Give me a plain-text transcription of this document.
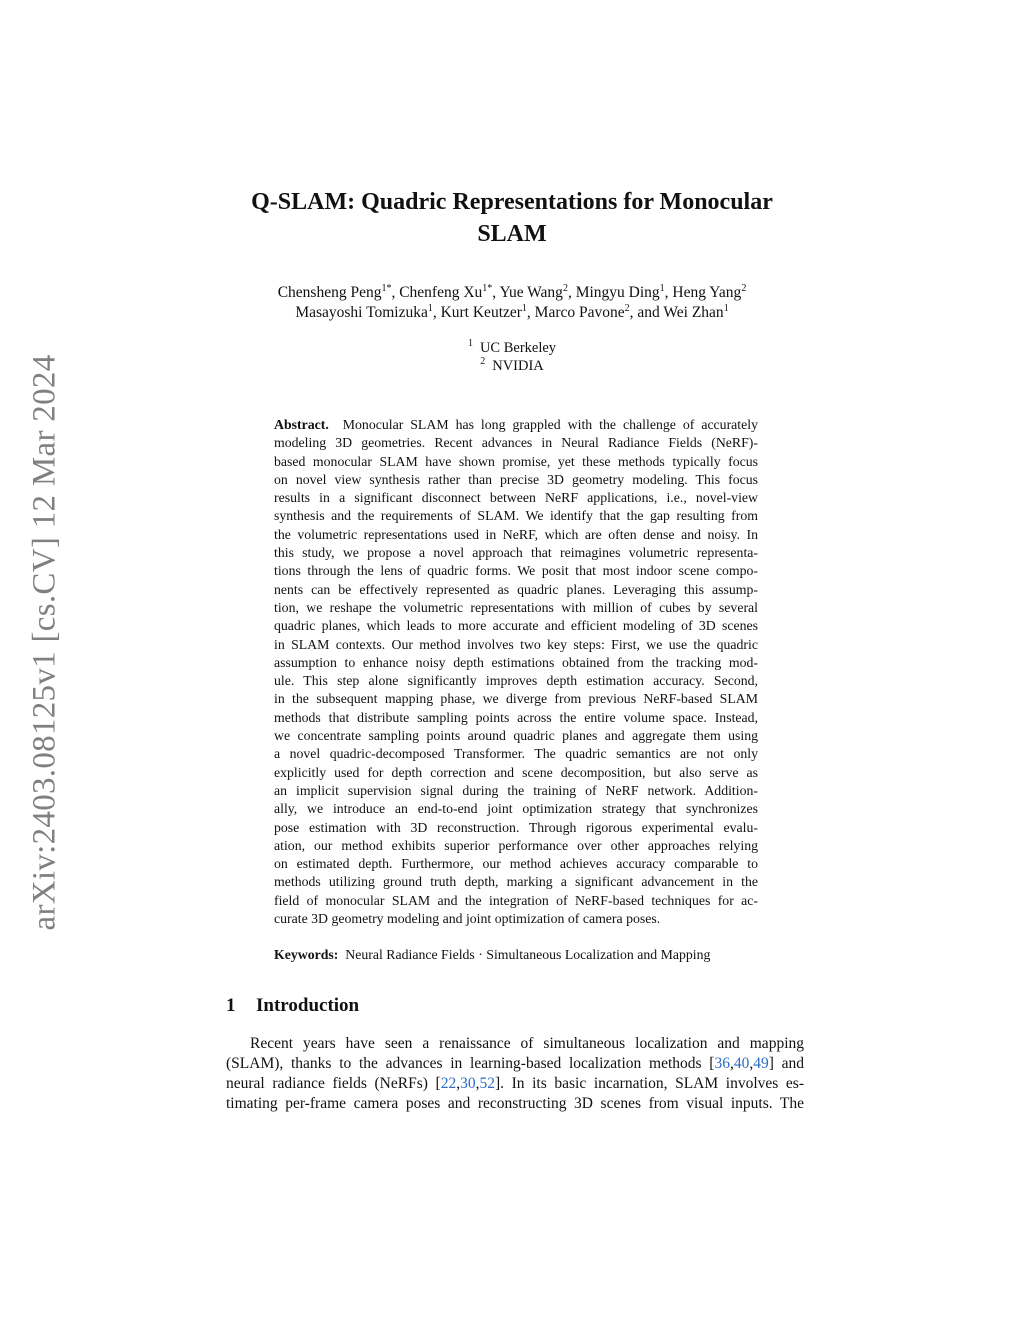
arXiv:2403.08125v1 [cs.CV] 12 Mar 2024
Q-SLAM: Quadric Representations for Monocular
SLAM
Chensheng Peng$^{1*}$, Chenfeng $Xu^{1*}$, Yue Wang$^2$, Mingyu Ding$^1$, Heng Yang$^2$
Masayoshi Tomizuka$^1$, Kurt Keutzer$^1$, Marco Pavone$^2$, and Wei Zhan$^1$
$^1$ UC Berkeley
$^2$ NVIDIA
Abstract. Monocular SLAM has long grappled with the challenge of accurately
modeling 3D geometries. Recent advances in Neural Radiance Fields (NeRF)-
based monocular SLAM have shown promise, yet these methods typically focus
on novel view synthesis rather than precise 3D geometry modeling. This focus
results in a significant disconnect between NeRF applications, i.e., novel-view
synthesis and the requirements of SLAM. We identify that the gap resulting from
the volumetric representations used in NeRF, which are often dense and noisy. In
this study, we propose a novel approach that reimagines volumetric representa-
tions through the lens of quadric forms. We posit that most indoor scene compo-
nents can be effectively represented as quadric planes. Leveraging this assump-
tion, we reshape the volumetric representations with million of cubes by several
quadric planes, which leads to more accurate and efficient modeling of 3D scenes
in SLAM contexts. Our method involves two key steps: First, we use the quadric
assumption to enhance noisy depth estimations obtained from the tracking mod-
ule. This step alone significantly improves depth estimation accuracy. Second,
in the subsequent mapping phase, we diverge from previous NeRF-based SLAM
methods that distribute sampling points across the entire volume space. Instead,
we concentrate sampling points around quadric planes and aggregate them using
a novel quadric-decomposed Transformer. The quadric semantics are not only
explicitly used for depth correction and scene decomposition, but also serve as
an implicit supervision signal during the training of NeRF network. Addition-
ally, we introduce an end-to-end joint optimization strategy that synchronizes
pose estimation with 3D reconstruction. Through rigorous experimental evalu-
ation, our method exhibits superior performance over other approaches relying
on estimated depth. Furthermore, our method achieves accuracy comparable to
methods utilizing ground truth depth, marking a significant advancement in the
field of monocular SLAM and the integration of NeRF-based techniques for ac-
curate 3D geometry modeling and joint optimization of camera poses.
Keywords: Neural Radiance Fields · Simultaneous Localization and Mapping
1 Introduction
Recent years have seen a renaissance of simultaneous localization and mapping
(SLAM), thanks to the advances in learning-based localization methods [36,40,49] and
neural radiance fields (NeRFs) [22,30,52]. In its basic incarnation, SLAM involves es-
timating per-frame camera poses and reconstructing 3D scenes from visual inputs. The
